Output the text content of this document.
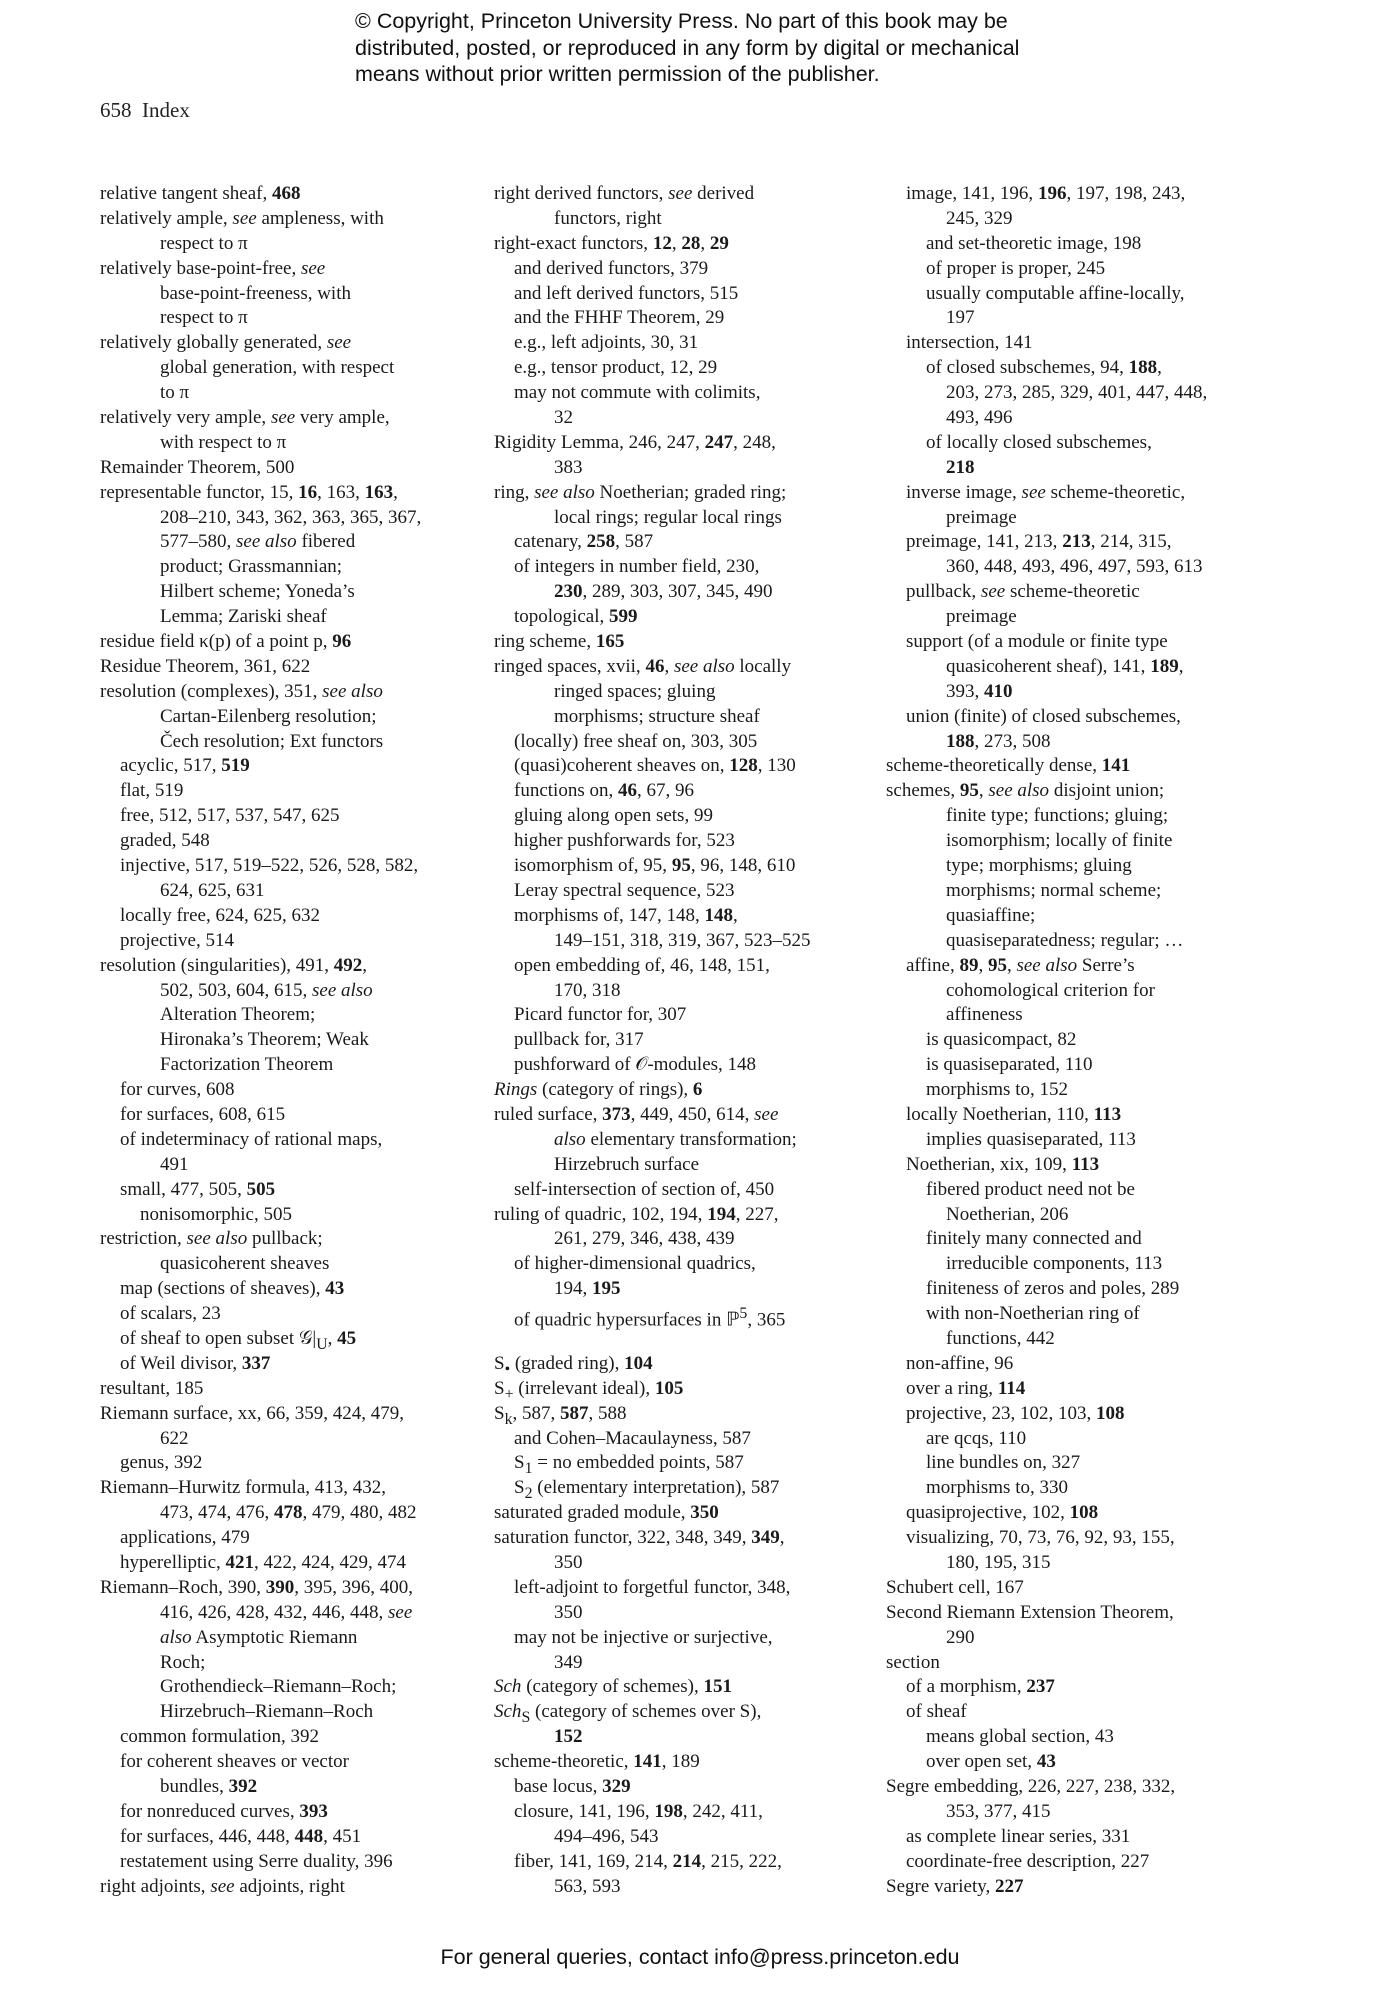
© Copyright, Princeton University Press. No part of this book may be
distributed, posted, or reproduced in any form by digital or mechanical
means without prior written permission of the publisher.
658 Index
relative tangent sheaf, 468
relatively ample, see ampleness, with
respect to π
relatively base-point-free, see
base-point-freeness, with
respect to π
relatively globally generated, see
global generation, with respect
to π
relatively very ample, see very ample,
with respect to π
Remainder Theorem, 500
representable functor, 15, 16, 163, 163,
208–210, 343, 362, 363, 365, 367,
577–580, see also fibered
product; Grassmannian;
Hilbert scheme; Yoneda’s
Lemma; Zariski sheaf
residue field κ(p) of a point p, 96
Residue Theorem, 361, 622
resolution (complexes), 351, see also
Cartan-Eilenberg resolution;
Čech resolution; Ext functors
acyclic, 517, 519
flat, 519
free, 512, 517, 537, 547, 625
graded, 548
injective, 517, 519–522, 526, 528, 582,
624, 625, 631
locally free, 624, 625, 632
projective, 514
resolution (singularities), 491, 492,
502, 503, 604, 615, see also
Alteration Theorem;
Hironaka’s Theorem; Weak
Factorization Theorem
for curves, 608
for surfaces, 608, 615
of indeterminacy of rational maps,
491
small, 477, 505, 505
nonisomorphic, 505
restriction, see also pullback;
quasicoherent sheaves
map (sections of sheaves), 43
of scalars, 23
of sheaf to open subset $𝒢|_U$, 45
of Weil divisor, 337
resultant, 185
Riemann surface, xx, 66, 359, 424, 479,
622
genus, 392
Riemann–Hurwitz formula, 413, 432,
473, 474, 476, 478, 479, 480, 482
applications, 479
hyperelliptic, 421, 422, 424, 429, 474
Riemann–Roch, 390, 390, 395, 396, 400,
416, 426, 428, 432, 446, 448, see
also Asymptotic Riemann
Roch;
Grothendieck–Riemann–Roch;
Hirzebruch–Riemann–Roch
common formulation, 392
for coherent sheaves or vector
bundles, 392
for nonreduced curves, 393
for surfaces, 446, 448, 448, 451
restatement using Serre duality, 396
right adjoints, see adjoints, right
right derived functors, see derived
functors, right
right-exact functors, 12, 28, 29
and derived functors, 379
and left derived functors, 515
and the FHHF Theorem, 29
e.g., left adjoints, 30, 31
e.g., tensor product, 12, 29
may not commute with colimits,
32
Rigidity Lemma, 246, 247, 247, 248,
383
ring, see also Noetherian; graded ring;
local rings; regular local rings
catenary, 258, 587
of integers in number field, 230,
230, 289, 303, 307, 345, 490
topological, 599
ring scheme, 165
ringed spaces, xvii, 46, see also locally
ringed spaces; gluing
morphisms; structure sheaf
(locally) free sheaf on, 303, 305
(quasi)coherent sheaves on, 128, 130
functions on, 46, 67, 96
gluing along open sets, 99
higher pushforwards for, 523
isomorphism of, 95, 95, 96, 148, 610
Leray spectral sequence, 523
morphisms of, 147, 148, 148,
149–151, 318, 319, 367, 523–525
open embedding of, 46, 148, 151,
170, 318
Picard functor for, 307
pullback for, 317
pushforward of 𝒪-modules, 148
Rings (category of rings), 6
ruled surface, 373, 449, 450, 614, see
also elementary transformation;
Hirzebruch surface
self-intersection of section of, 450
ruling of quadric, 102, 194, 194, 227,
261, 279, 346, 438, 439
of higher-dimensional quadrics,
194, 195
of quadric hypersurfaces in ℙ$^5$, 365
$S_•$ (graded ring), 104
$S_+$ (irrelevant ideal), 105
$S_k$, 587, 587, 588
and Cohen–Macaulayness, 587
$S_1$ = no embedded points, 587
$S_2$ (elementary interpretation), 587
saturated graded module, 350
saturation functor, 322, 348, 349, 349,
350
left-adjoint to forgetful functor, 348,
350
may not be injective or surjective,
349
Sch (category of schemes), 151
Sch$_S$ (category of schemes over S),
152
scheme-theoretic, 141, 189
base locus, 329
closure, 141, 196, 198, 242, 411,
494–496, 543
fiber, 141, 169, 214, 214, 215, 222,
563, 593
image, 141, 196, 196, 197, 198, 243,
245, 329
and set-theoretic image, 198
of proper is proper, 245
usually computable affine-locally,
197
intersection, 141
of closed subschemes, 94, 188,
203, 273, 285, 329, 401, 447, 448,
493, 496
of locally closed subschemes,
218
inverse image, see scheme-theoretic,
preimage
preimage, 141, 213, 213, 214, 315,
360, 448, 493, 496, 497, 593, 613
pullback, see scheme-theoretic
preimage
support (of a module or finite type
quasicoherent sheaf), 141, 189,
393, 410
union (finite) of closed subschemes,
188, 273, 508
scheme-theoretically dense, 141
schemes, 95, see also disjoint union;
finite type; functions; gluing;
isomorphism; locally of finite
type; morphisms; gluing
morphisms; normal scheme;
quasiaffine;
quasiseparatedness; regular; …
affine, 89, 95, see also Serre’s
cohomological criterion for
affineness
is quasicompact, 82
is quasiseparated, 110
morphisms to, 152
locally Noetherian, 110, 113
implies quasiseparated, 113
Noetherian, xix, 109, 113
fibered product need not be
Noetherian, 206
finitely many connected and
irreducible components, 113
finiteness of zeros and poles, 289
with non-Noetherian ring of
functions, 442
non-affine, 96
over a ring, 114
projective, 23, 102, 103, 108
are qcqs, 110
line bundles on, 327
morphisms to, 330
quasiprojective, 102, 108
visualizing, 70, 73, 76, 92, 93, 155,
180, 195, 315
Schubert cell, 167
Second Riemann Extension Theorem,
290
section
of a morphism, 237
of sheaf
means global section, 43
over open set, 43
Segre embedding, 226, 227, 238, 332,
353, 377, 415
as complete linear series, 331
coordinate-free description, 227
Segre variety, 227
For general queries, contact info@press.princeton.edu
